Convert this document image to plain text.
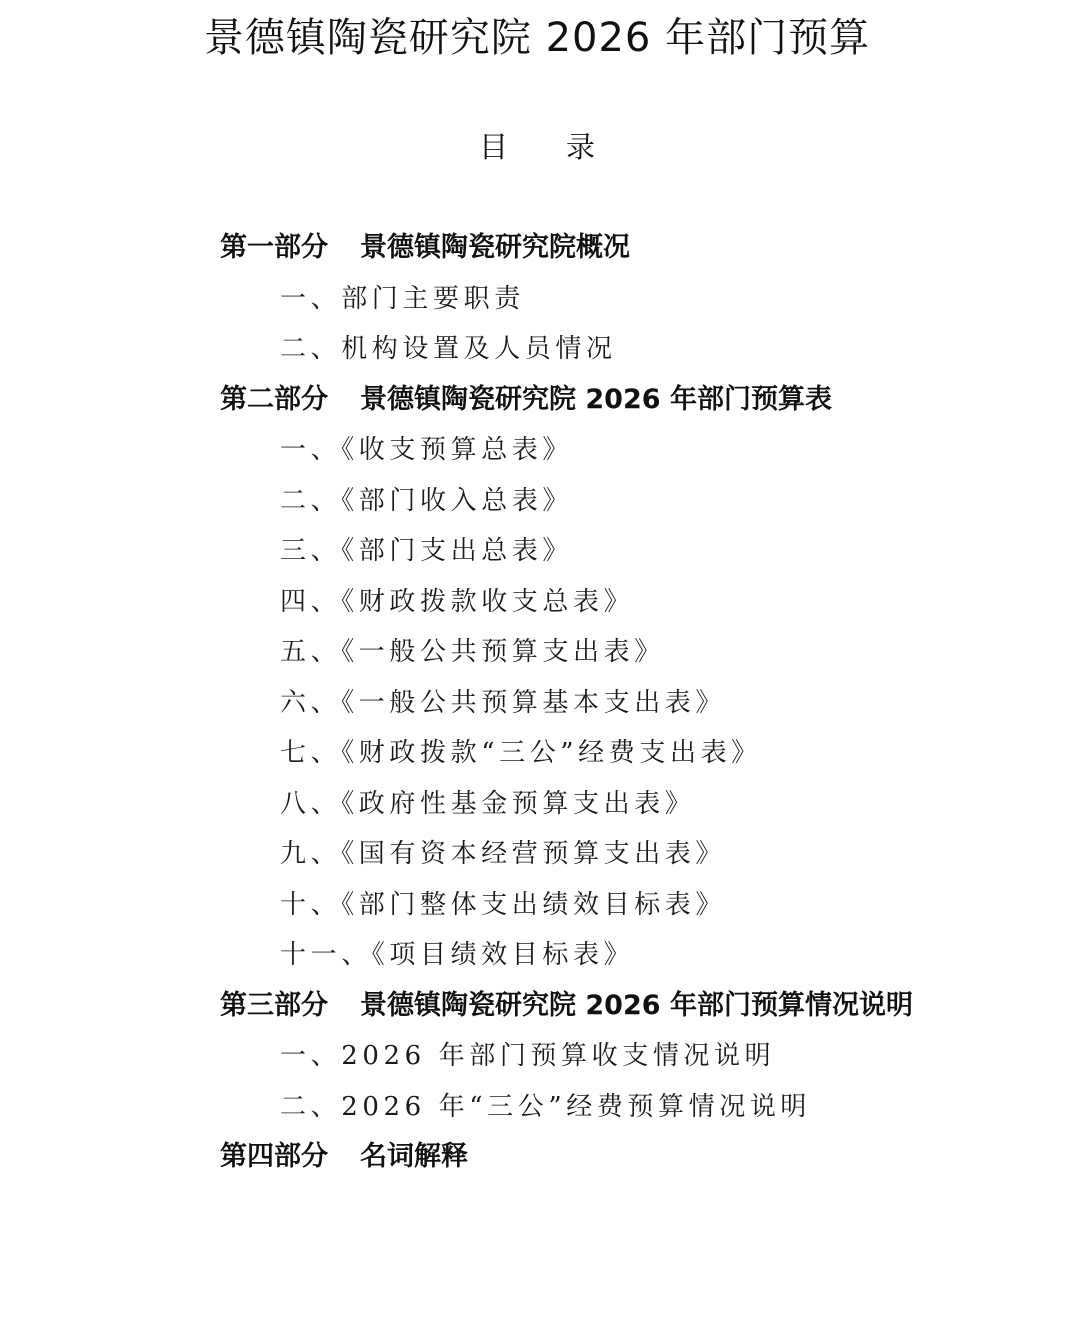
景德镇陶瓷研究院 2026 年部门预算
目录
第一部分 景德镇陶瓷研究院概况
一、部门主要职责
二、机构设置及人员情况
第二部分 景德镇陶瓷研究院 2026 年部门预算表
一、《收支预算总表》
二、《部门收入总表》
三、《部门支出总表》
四、《财政拨款收支总表》
五、《一般公共预算支出表》
六、《一般公共预算基本支出表》
七、《财政拨款“三公”经费支出表》
八、《政府性基金预算支出表》
九、《国有资本经营预算支出表》
十、《部门整体支出绩效目标表》
十一、《项目绩效目标表》
第三部分 景德镇陶瓷研究院 2026 年部门预算情况说明
一、2026 年部门预算收支情况说明
二、2026 年“三公”经费预算情况说明
第四部分 名词解释
